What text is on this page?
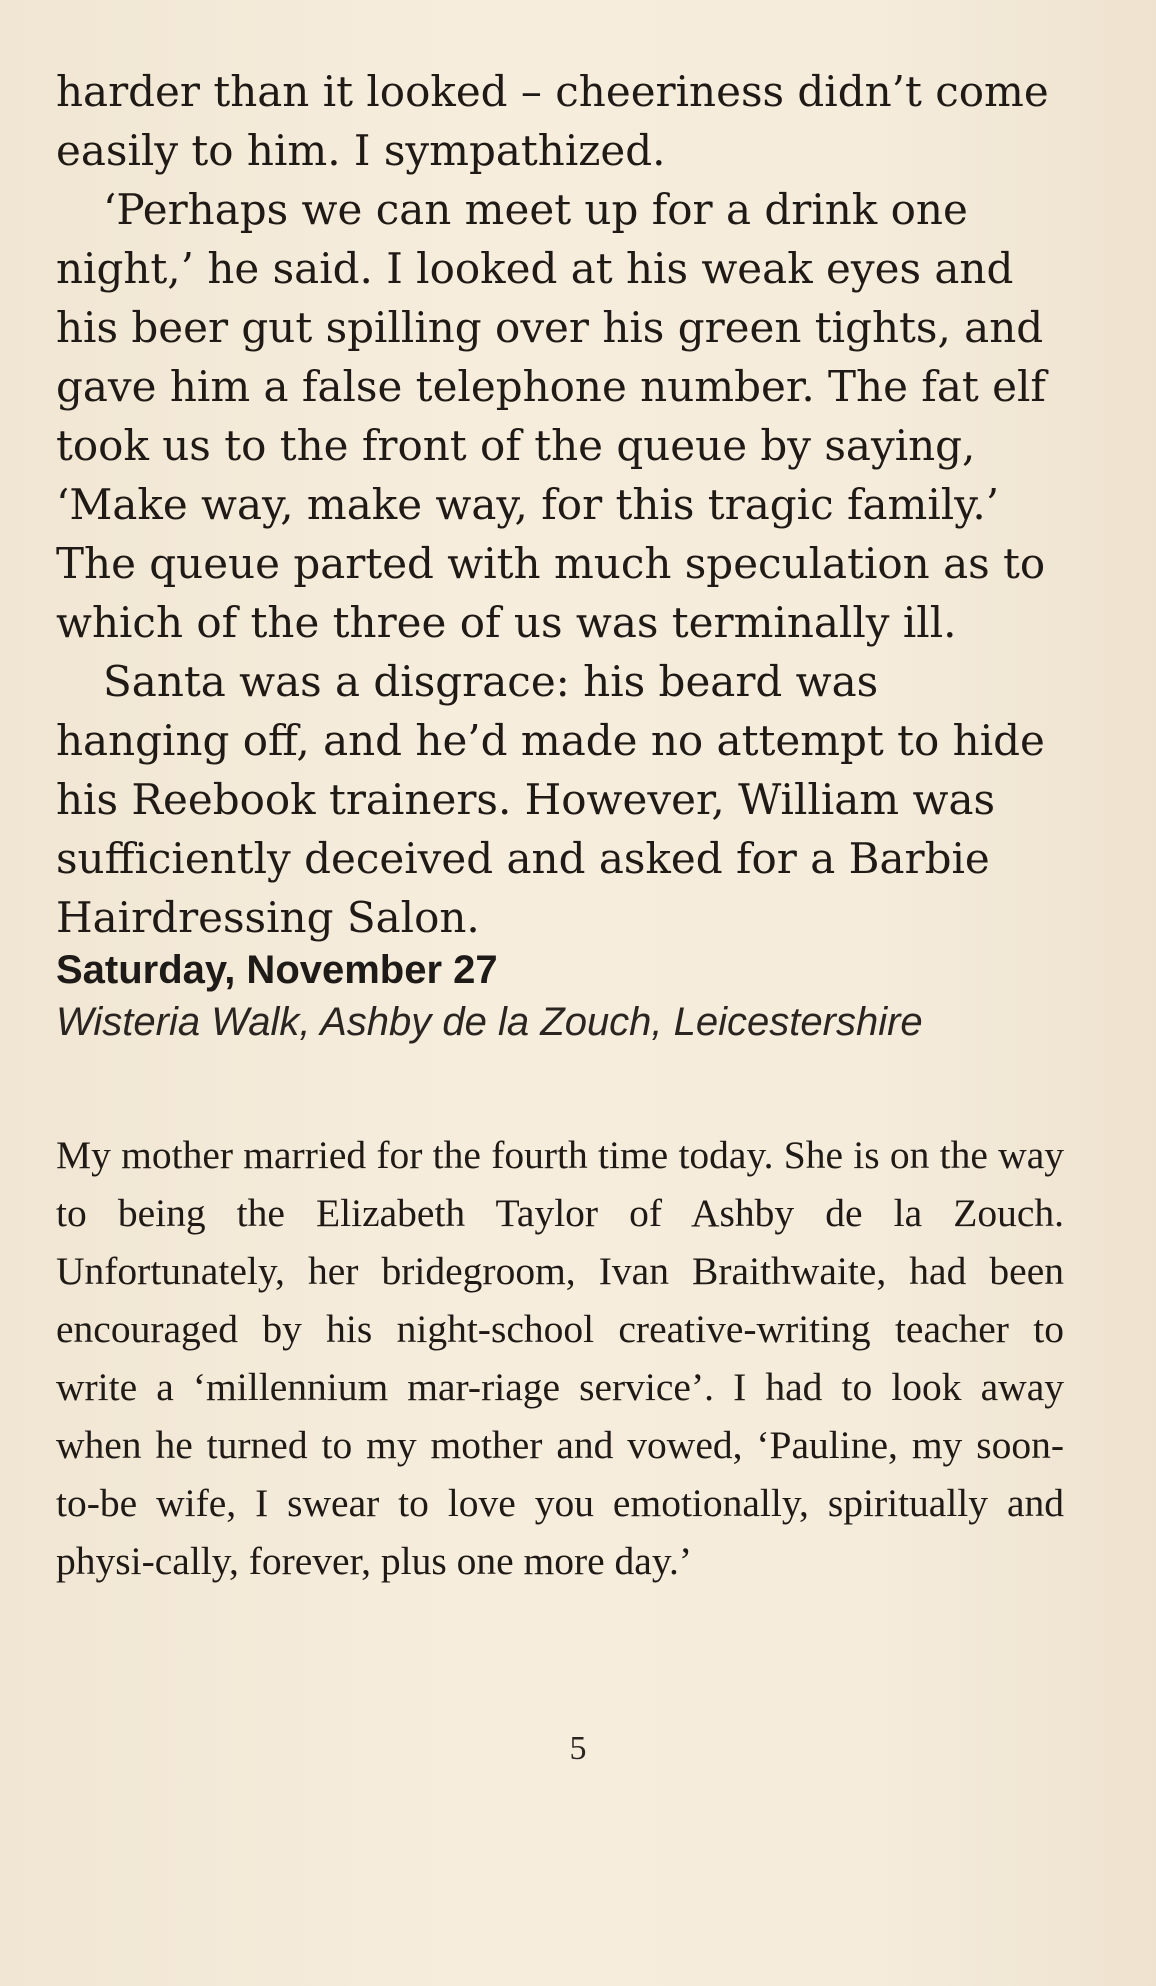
harder than it looked – cheeriness didn’t come easily to him. I sympathized.

‘Perhaps we can meet up for a drink one night,’ he said. I looked at his weak eyes and his beer gut spilling over his green tights, and gave him a false telephone number. The fat elf took us to the front of the queue by saying, ‘Make way, make way, for this tragic family.’ The queue parted with much speculation as to which of the three of us was terminally ill.

Santa was a disgrace: his beard was hanging off, and he’d made no attempt to hide his Reebook trainers. However, William was sufficiently deceived and asked for a Barbie Hairdressing Salon.

Saturday, November 27

Wisteria Walk, Ashby de la Zouch, Leicestershire

My mother married for the fourth time today. She is on the way to being the Elizabeth Taylor of Ashby de la Zouch. Unfortunately, her bridegroom, Ivan Braithwaite, had been encouraged by his night-school creative-writing teacher to write a ‘millennium mar-riage service’. I had to look away when he turned to my mother and vowed, ‘Pauline, my soon-to-be wife, I swear to love you emotionally, spiritually and physi-cally, forever, plus one more day.’

5
